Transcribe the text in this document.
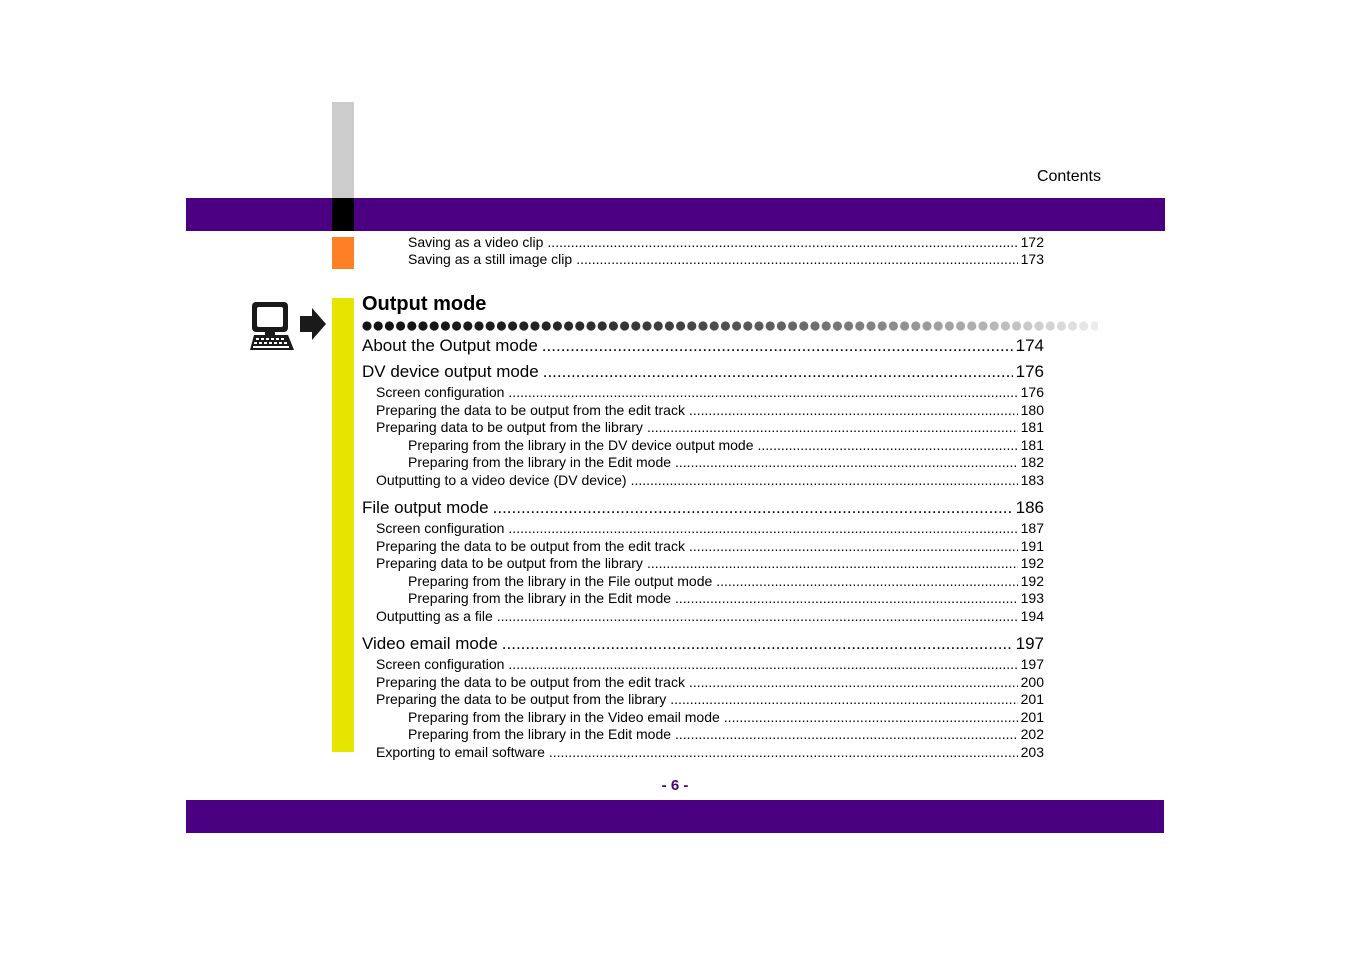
Contents
Saving as a video clip .....	172
Saving as a still image clip .....	173
Output mode
About the Output mode .....	174
DV device output mode .....	176
Screen configuration .....	176
Preparing the data to be output from the edit track .....	180
Preparing data to be output from the library .....	181
Preparing from the library in the DV device output mode .....	181
Preparing from the library in the Edit mode .....	182
Outputting to a video device (DV device) .....	183
File output mode .....	186
Screen configuration .....	187
Preparing the data to be output from the edit track .....	191
Preparing data to be output from the library .....	192
Preparing from the library in the File output mode .....	192
Preparing from the library in the Edit mode .....	193
Outputting as a file .....	194
Video email mode .....	197
Screen configuration .....	197
Preparing the data to be output from the edit track .....	200
Preparing the data to be output from the library .....	201
Preparing from the library in the Video email mode .....	201
Preparing from the library in the Edit mode .....	202
Exporting to email software .....	203
- 6 -
